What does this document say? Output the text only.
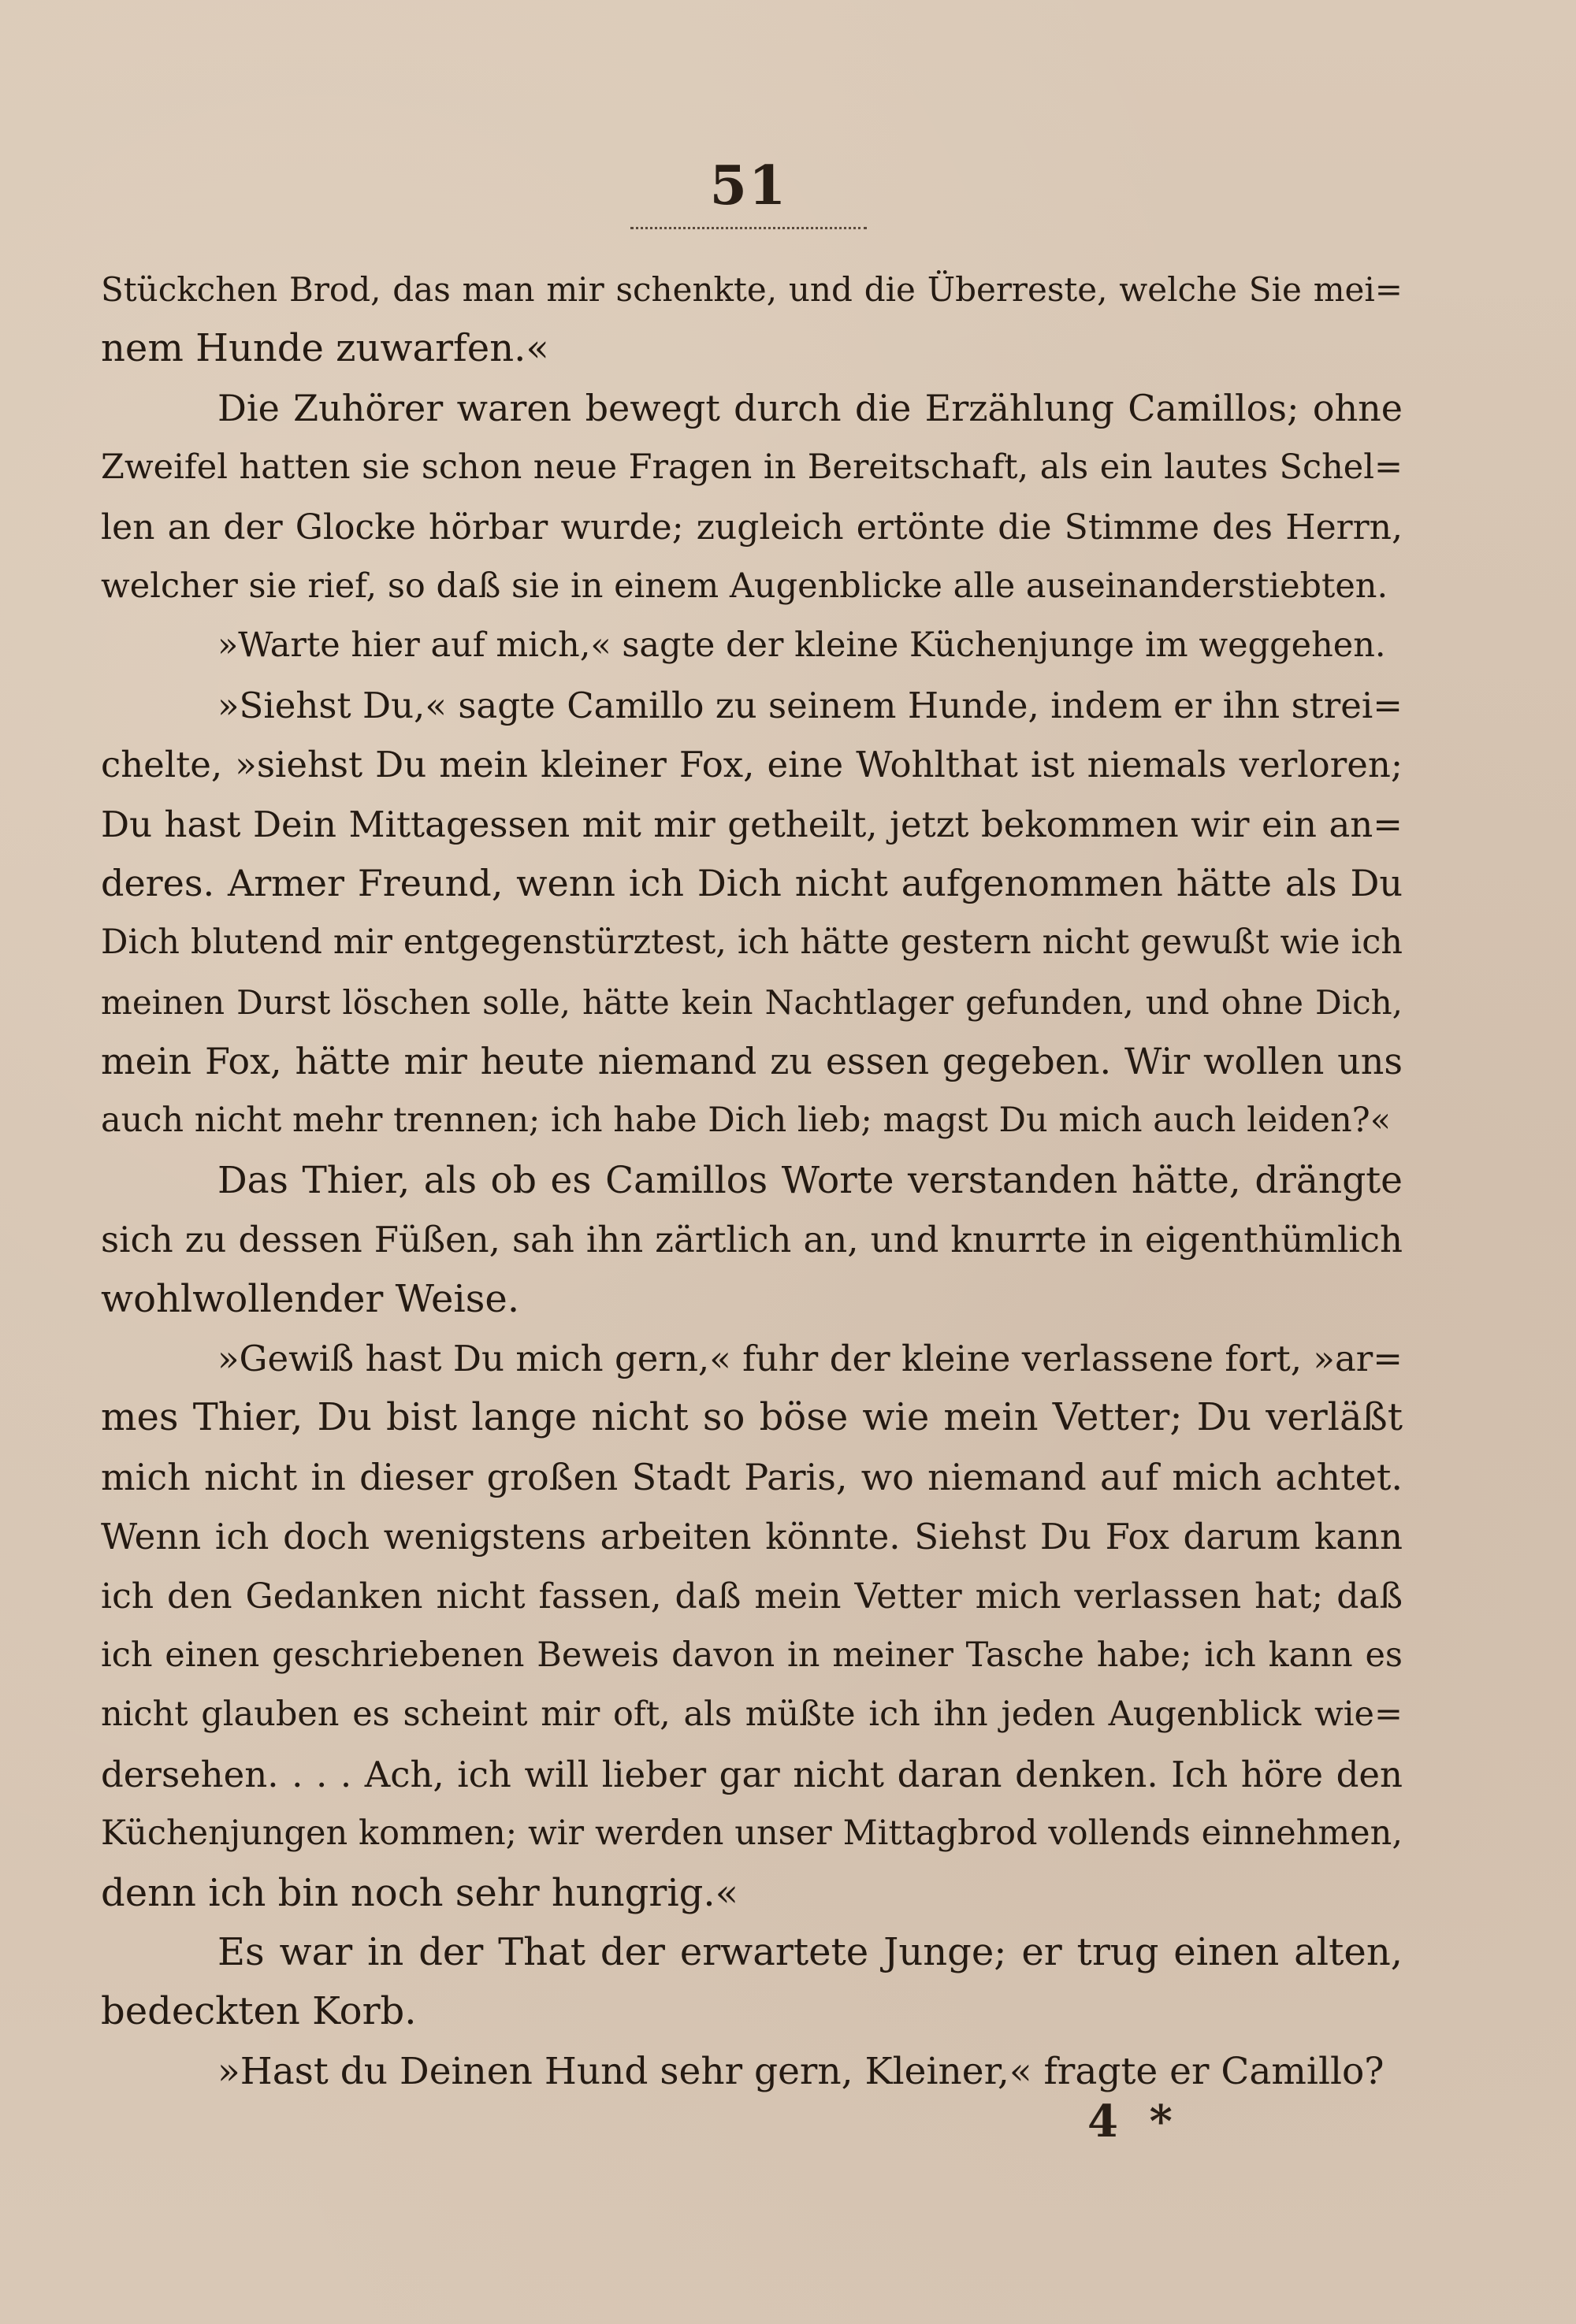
51
Stückchen Brod, das man mir schenkte, und die Überreste, welche Sie mei=
nem Hunde zuwarfen.«
Die Zuhörer waren bewegt durch die Erzählung Camillos; ohne
Zweifel hatten sie schon neue Fragen in Bereitschaft, als ein lautes Schel=
len an der Glocke hörbar wurde; zugleich ertönte die Stimme des Herrn,
welcher sie rief, so daß sie in einem Augenblicke alle auseinanderstiebten.
»Warte hier auf mich,« sagte der kleine Küchenjunge im weggehen.
»Siehst Du,« sagte Camillo zu seinem Hunde, indem er ihn strei=
chelte, »siehst Du mein kleiner Fox, eine Wohlthat ist niemals verloren;
Du hast Dein Mittagessen mit mir getheilt, jetzt bekommen wir ein an=
deres. Armer Freund, wenn ich Dich nicht aufgenommen hätte als Du
Dich blutend mir entgegenstürztest, ich hätte gestern nicht gewußt wie ich
meinen Durst löschen solle, hätte kein Nachtlager gefunden, und ohne Dich,
mein Fox, hätte mir heute niemand zu essen gegeben. Wir wollen uns
auch nicht mehr trennen; ich habe Dich lieb; magst Du mich auch leiden?«
Das Thier, als ob es Camillos Worte verstanden hätte, drängte
sich zu dessen Füßen, sah ihn zärtlich an, und knurrte in eigenthümlich
wohlwollender Weise.
»Gewiß hast Du mich gern,« fuhr der kleine verlassene fort, »ar=
mes Thier, Du bist lange nicht so böse wie mein Vetter; Du verläßt
mich nicht in dieser großen Stadt Paris, wo niemand auf mich achtet.
Wenn ich doch wenigstens arbeiten könnte. Siehst Du Fox darum kann
ich den Gedanken nicht fassen, daß mein Vetter mich verlassen hat; daß
ich einen geschriebenen Beweis davon in meiner Tasche habe; ich kann es
nicht glauben es scheint mir oft, als müßte ich ihn jeden Augenblick wie=
dersehen. . . . Ach, ich will lieber gar nicht daran denken. Ich höre den
Küchenjungen kommen; wir werden unser Mittagbrod vollends einnehmen,
denn ich bin noch sehr hungrig.«
Es war in der That der erwartete Junge; er trug einen alten,
bedeckten Korb.
»Hast du Deinen Hund sehr gern, Kleiner,« fragte er Camillo?
4 *
